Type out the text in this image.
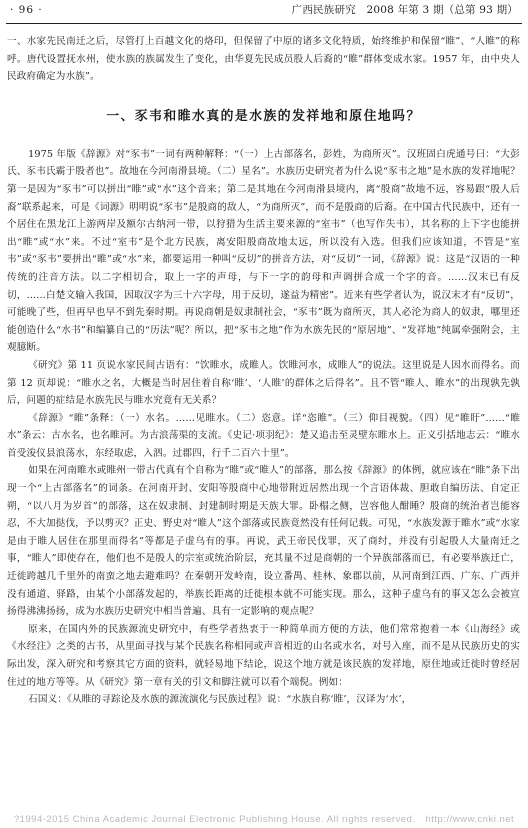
· 96 ·	广西民族研究　2008 年第 3 期（总第 93 期）

一、水家先民南迁之后，尽管打上百越文化的烙印，但保留了中原的诸多文化特质，始终维护和保留“睢”、“人睢”的称呼。唐代设置抚水州，使水族的族属发生了变化，由华夏先民成员股人后裔的“睢”群体变成水家。1957 年，由中央人民政府确定为水族”。

一、豕韦和睢水真的是水族的发祥地和原住地吗？

1975 年版《辞源》对“豕韦”一词有两种解释：“（一）上古部落名，彭姓，为商所灭”。汉班固白虎通号曰：“大彭氏、豕韦氏霸于殷者也”。故地在今河南滑县境。（二）星名”。水族历史研究者为什么说“豕韦之地”是水族的发祥地呢？第一是因为“豕韦”可以拼出“睢”或“水”这个音来；第二是其地在今河南滑县境内，离“殷商”故地不远，容易跟“殷人后裔”联系起来，可是《词源》明明说“豕韦”是殷商的敌人，“为商所灭”，而不是殷商的后裔。在中国古代民族中，还有一个居住在黑龙江上游两岸及额尔古纳河一带，以狩猎为生活主要来源的“室韦”（也写作失韦），其名称的上下字也能拼出“睢”或“水”来。不过“室韦”是个北方民族，离安阳殷商故地太远，所以没有入选。但我们应该知道，不管是“室韦”或“豕韦”要拼出“睢”或“水”来，都要运用一种叫“反切”的拼音方法，对“反切”一词，《辞源》说：这是“汉语的一种传统的注音方法。以二字相切合，取上一字的声母，与下一字的韵母和声调拼合成一个字的音。……汉末已有反切，……白楚文输入我国，因取汉字为三十六字母，用于反切，遂益为精密”。近来有些学者认为，说汉末才有“反切”，可能晚了些，但再早也早不到先秦时期。再说商朝是奴隶制社会，“豕韦”既为商所灭，其人必沦为商人的奴隶，哪里还能创造什么“水书”和编纂自己的“历法”呢？所以，把“豕韦之地”作为水族先民的“原居地”、“发祥地”纯属牵强附会，主观臆断。

《研究》第 11 页说水家民间古语有：“饮睢水，成睢人。饮睢河水，成睢人”的说法。这里说是人因水而得名。而第 12 页却说：“睢水之名，大概是当时居住着自称‘睢’、‘人睢’的群体之后得名”。且不管“睢人、睢水”的出现孰先孰后，问题的症结是水族先民与睢水究竟有无关系？

《辞源》“睢”条释：（一）水名。……见睢水。（二）恣意。详“恣睢”。（三）仰目视貌。（四）见“睢盱”……“睢水”条云：古水名，也名睢河。为古浪荡渠的支流。《史记·项羽纪》：楚又追击至灵壁东睢水上。正义引括地志云：“睢水首受浚仪县浪荡水，东经取虑，入泗。过郡四，行千二百六十里”。

如果在河南睢水或睢州一带古代真有个自称为“睢”或“睢人”的部落，那么按《辞源》的体例，就应该在“睢”条下出现一个“上古部落名”的词条。在河南开封、安阳等殷商中心地带附近居然出现一个言语体裁、胆敢自编历法、自定正朔，“以八月为岁首”的部落，这在奴隶制、封建制时期是天族大罪。卧榻之侧，岂容他人酣睡？殷商的统治者岂能容忍，不大加挞伐，予以剪灭？正史、野史对“睢人”这个部落或民族竟然没有任何记载。可见，“水族发源于睢水”或“水家是由于睢人居住在那里而得名”等都是子虚乌有的事。再说，武王帝民伐罪，灭了商纣，并没有引起殷人大量南迁之事，“睢人”即使存在，他们也不是殷人的宗室或统治阶层，充其量不过是商朝的一个异族部落而已，有必要举族迁亡，迁徙跨越几千里外的南蛮之地去避难吗？在秦朝开发岭南，设立番禺、桂林、象郡以前，从河南到江西、广东、广西并没有通道、驿路，由某个小部落发起的，举族长距离的迁徙根本就不可能实现。那么，这种子虚乌有的事又怎么会被宣扬得沸沸扬扬，成为水族历史研究中相当普遍、具有一定影响的观点呢？

原来，在国内外的民族源流史研究中，有些学者热衷于一种简单而方便的方法，他们常常抱着一本《山海经》或《水经注》之类的古书，从里面寻找与某个民族名称相同或声音相近的山名或水名，对号入座，而不是从民族历史的实际出发，深入研究和考察其它方面的资料，就轻易地下结论，说这个地方就是该民族的发祥地，原住地或迁徙时曾经居住过的地方等等。从《研究》第一章有关的引文和脚注就可以看个端倪。例如：

石国义：《从睢的寻踪论及水族的源流演化与民族过程》说：“水族自称‘睢’，汉译为‘水’，

?1994-2015 China Academic Journal Electronic Publishing House. All rights reserved.　http://www.cnki.net
